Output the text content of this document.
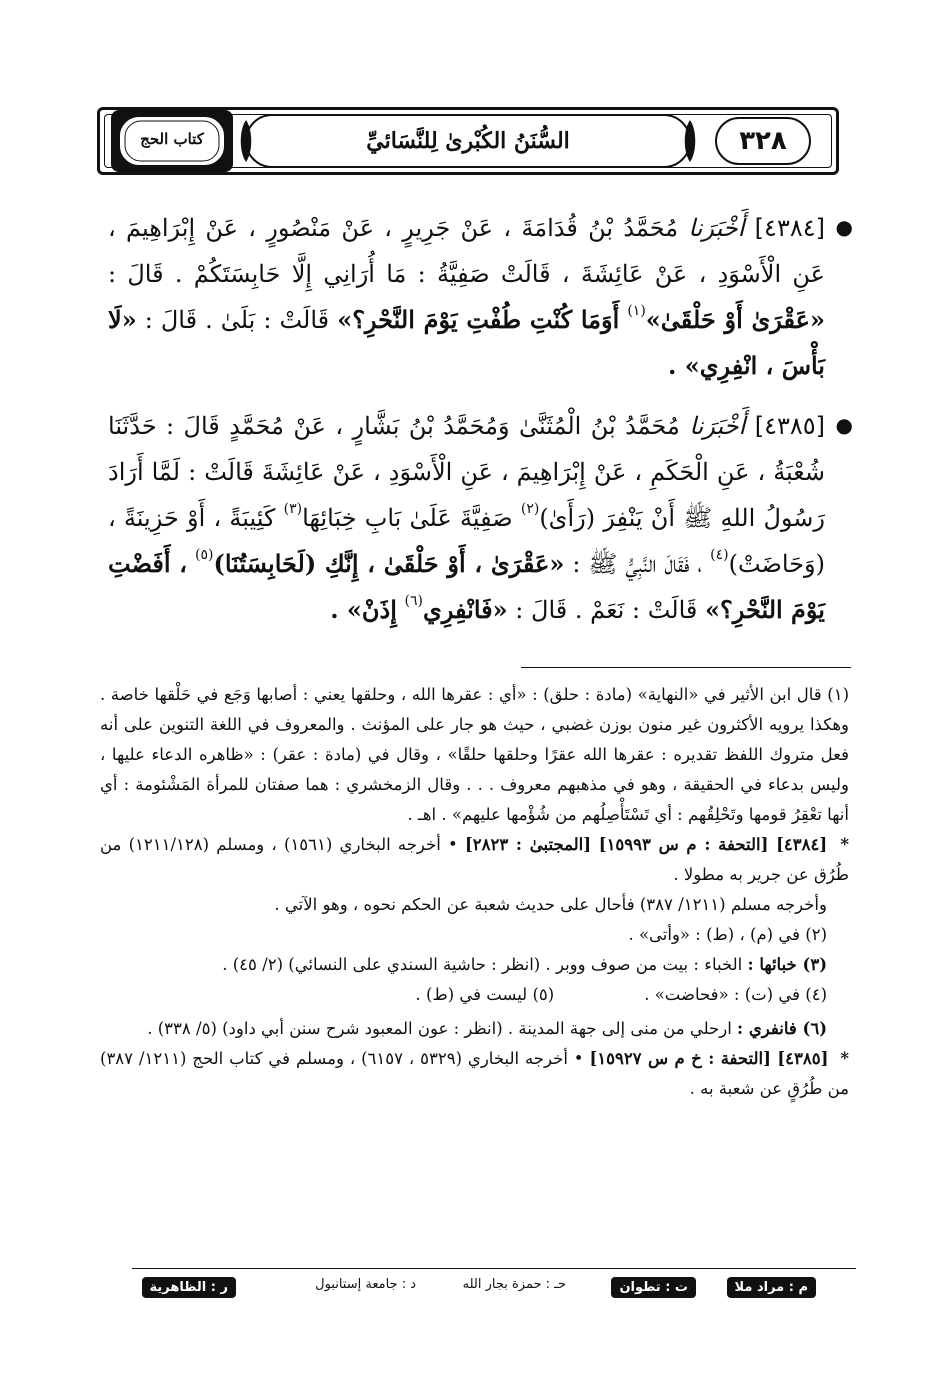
كتاب الحج	السُّنَنُ الكُبْرىٰ لِلنَّسَائيِّ	٣٢٨

●
[٤٣٨٤] أَخْبَرَنا مُحَمَّدُ بْنُ قُدَامَةَ ، عَنْ جَرِيرٍ ، عَنْ مَنْصُورٍ ، عَنْ إِبْرَاهِيمَ ، عَنِ الْأَسْوَدِ ، عَنْ عَائِشَةَ ، قَالَتْ صَفِيَّةُ : مَا أُرَانِي إِلَّا حَابِسَتَكُمْ . قَالَ : «عَقْرَىٰ أَوْ حَلْقَىٰ»$^{(١)}$ أَوَمَا كُنْتِ طُفْتِ يَوْمَ النَّحْرِ؟» قَالَتْ : بَلَىٰ . قَالَ : «لَا بَأْسَ ، انْفِرِي» .

●
[٤٣٨٥] أَخْبَرَنا مُحَمَّدُ بْنُ الْمُثَنَّىٰ وَمُحَمَّدُ بْنُ بَشَّارٍ ، عَنْ مُحَمَّدٍ قَالَ : حَدَّثَنَا شُعْبَةُ ، عَنِ الْحَكَمِ ، عَنْ إِبْرَاهِيمَ ، عَنِ الْأَسْوَدِ ، عَنْ عَائِشَةَ قَالَتْ : لَمَّا أَرَادَ رَسُولُ اللهِ ﷺ أَنْ يَنْفِرَ (رَأَىٰ)$^{(٢)}$ صَفِيَّةَ عَلَىٰ بَابِ خِبَائِهَا$^{(٣)}$ كَئِيبَةً ، أَوْ حَزِينَةً ، (وَحَاضَتْ)$^{(٤)}$ ، فَقَالَ النَّبِيُّ ﷺ : «عَقْرَىٰ ، أَوْ حَلْقَىٰ ، إِنَّكِ (لَحَابِسَتُنَا)$^{(٥)}$ ، أَفَضْتِ يَوْمَ النَّحْرِ؟» قَالَتْ : نَعَمْ . قَالَ : «فَانْفِرِي$^{(٦)}$ إِذَنْ» .

(١) قال ابن الأثير في «النهاية» (مادة : حلق) : «أي : عقرها الله ، وحلقها يعني : أصابها وَجَع في حَلْقها خاصة . وهكذا يرويه الأكثرون غير منون بوزن غضبي ، حيث هو جار على المؤنث . والمعروف في اللغة التنوين على أنه فعل متروك اللفظ تقديره : عقرها الله عقرًا وحلقها حلقًا» ، وقال في (مادة : عقر) : «ظاهره الدعاء عليها ، وليس بدعاء في الحقيقة ، وهو في مذهبهم معروف . . . وقال الزمخشري : هما صفتان للمرأة المَشْئومة : أي أنها تعْقِرُ قومها وتَحْلِقُهم : أي تَسْتَأْصِلُهم من شُؤْمها عليهم» . اهـ .

* [٤٣٨٤] [التحفة : م س ١٥٩٩٣] [المجتبىٰ : ٢٨٢٣] • أخرجه البخاري (١٥٦١) ، ومسلم (١٢١١/١٢٨) من طُرُق عن جرير به مطولا .

وأخرجه مسلم (١٢١١/ ٣٨٧) فأحال على حديث شعبة عن الحكم نحوه ، وهو الآتي .

(٢) في (م) ، (ط) : «وأتى» .

(٣) خبائها : الخباء : بيت من صوف ووبر . (انظر : حاشية السندي على النسائي) (٢/ ٤٥) .

(٤) في (ت) : «فحاضت» .

(٥) ليست في (ط) .

(٦) فانفري : ارحلي من منى إلى جهة المدينة . (انظر : عون المعبود شرح سنن أبي داود) (٥/ ٣٣٨) .

* [٤٣٨٥] [التحفة : خ م س ١٥٩٢٧] • أخرجه البخاري (٥٣٢٩ ، ٦١٥٧) ، ومسلم في كتاب الحج (١٢١١/ ٣٨٧) من طُرُقٍ عن شعبة به .

م : مراد ملا
ت : تطوان
حـ : حمزة بجار الله
د : جامعة إستانبول
ر : الظاهرية
